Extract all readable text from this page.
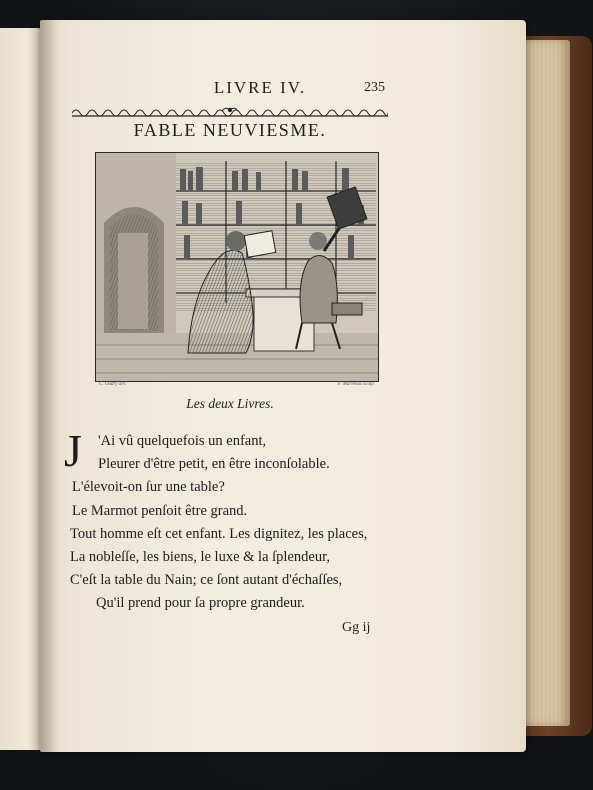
LIVRE IV.	235
FABLE NEUVIESME.
C. Oudry del.	F. Martenas sculp.
Les deux Livres.
J	'Ai vû quelquefois un enfant,
Pleurer d'être petit, en être inconſolable.
L'élevoit-on ſur une table?
Le Marmot penſoit être grand.
Tout homme eſt cet enfant. Les dignitez, les places,
La nobleſſe, les biens, le luxe & la ſplendeur,
C'eſt la table du Nain; ce ſont autant d'échaſſes,
Qu'il prend pour ſa propre grandeur.
Gg ij
